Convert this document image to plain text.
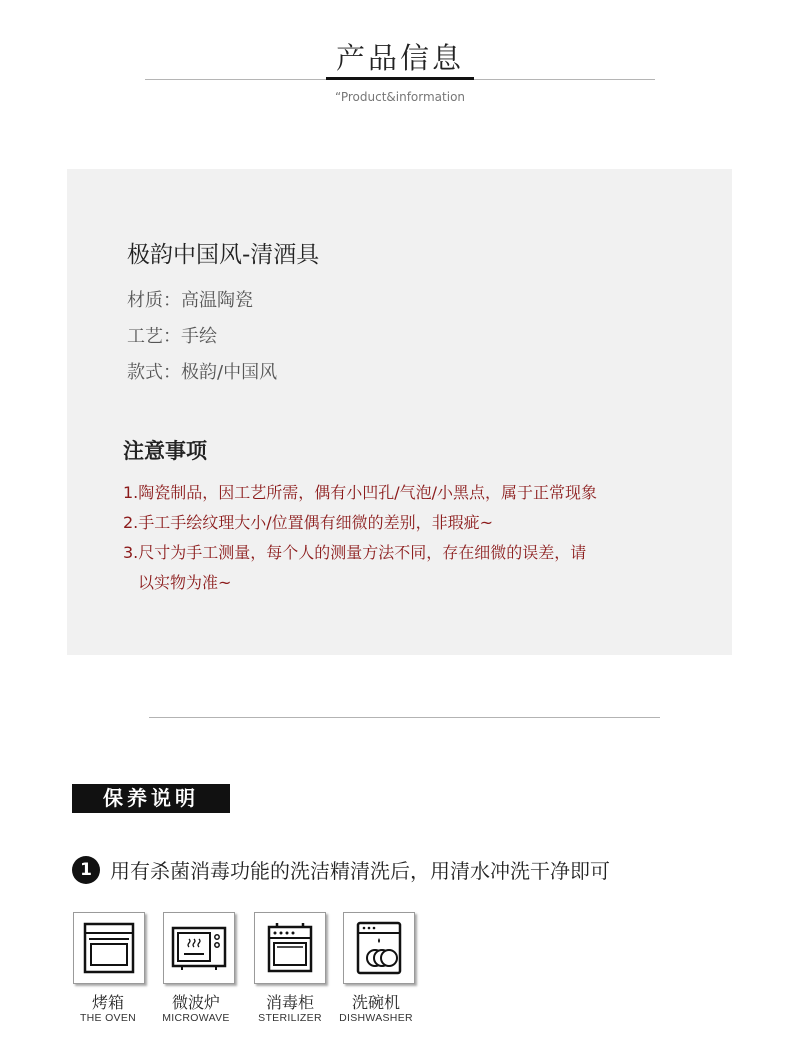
产品信息
“Product&information
极韵中国风-清酒具
材质：高温陶瓷
工艺：手绘
款式：极韵/中国风
注意事项
1.陶瓷制品，因工艺所需，偶有小凹孔/气泡/小黑点，属于正常现象
2.手工手绘纹理大小/位置偶有细微的差别，非瑕疵~
3.尺寸为手工测量，每个人的测量方法不同，存在细微的误差，请
以实物为准~
保养说明
1 用有杀菌消毒功能的洗洁精清洗后，用清水冲洗干净即可
烤箱
THE OVEN
微波炉
MICROWAVE
消毒柜
STERILIZER
洗碗机
DISHWASHER
